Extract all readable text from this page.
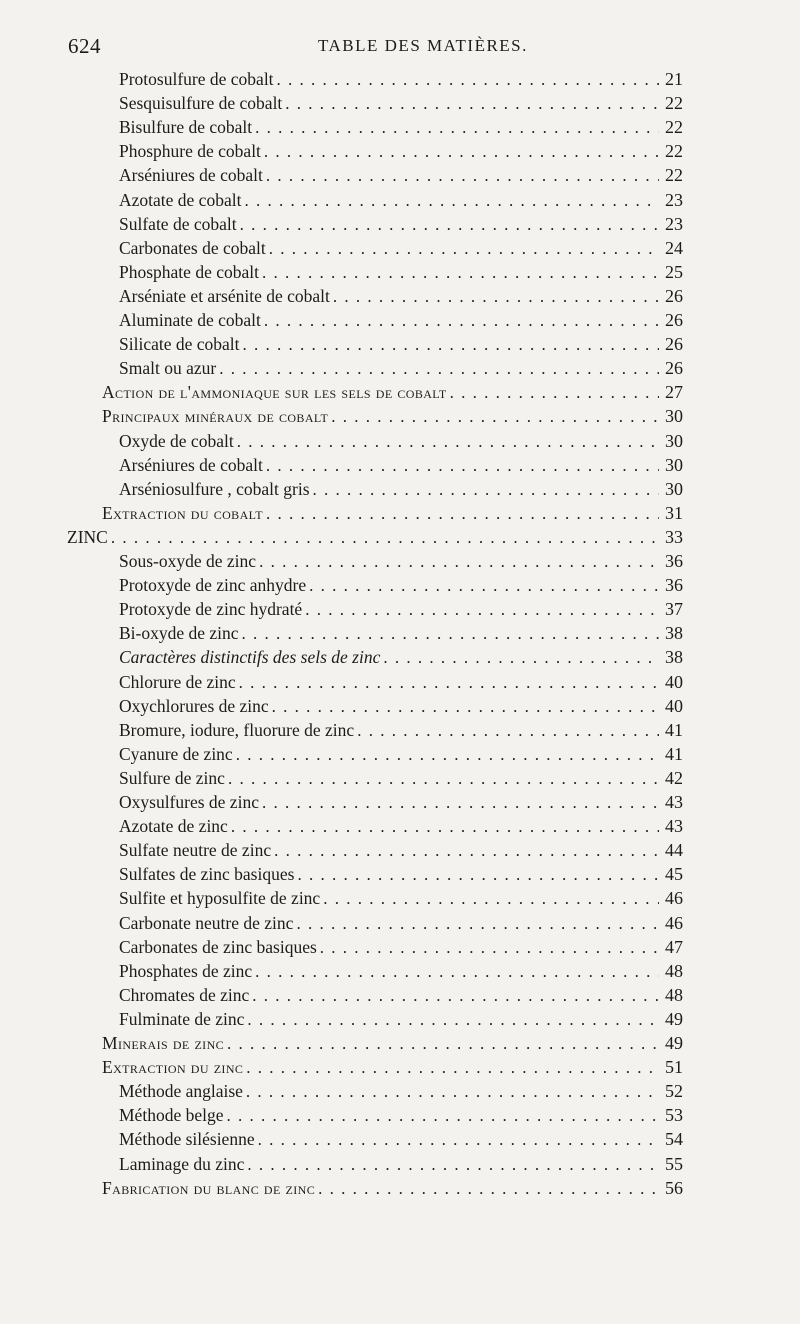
624	TABLE DES MATIÈRES.
Protosulfure de cobalt . . .	21
Sesquisulfure de cobalt . . .	22
Bisulfure de cobalt . . .	22
Phosphure de cobalt . . .	22
Arséniures de cobalt . . .	22
Azotate de cobalt . . .	23
Sulfate de cobalt . . .	23
Carbonates de cobalt . . .	24
Phosphate de cobalt . . .	25
Arséniate et arsénite de cobalt . . .	26
Aluminate de cobalt . . .	26
Silicate de cobalt . . .	26
Smalt ou azur . . .	26
Action de l'ammoniaque sur les sels de cobalt . . .	27
Principaux minéraux de cobalt . . .	30
Oxyde de cobalt . . .	30
Arséniures de cobalt . . .	30
Arséniosulfure , cobalt gris . . .	30
Extraction du cobalt . . .	31
ZINC . . .	33
Sous-oxyde de zinc . . .	36
Protoxyde de zinc anhydre . . .	36
Protoxyde de zinc hydraté . . .	37
Bi-oxyde de zinc . . .	38
Caractères distinctifs des sels de zinc . . .	38
Chlorure de zinc . . .	40
Oxychlorures de zinc . . .	40
Bromure, iodure, fluorure de zinc . . .	41
Cyanure de zinc . . .	41
Sulfure de zinc . . .	42
Oxysulfures de zinc . . .	43
Azotate de zinc . . .	43
Sulfate neutre de zinc . . .	44
Sulfates de zinc basiques . . .	45
Sulfite et hyposulfite de zinc . . .	46
Carbonate neutre de zinc . . .	46
Carbonates de zinc basiques . . .	47
Phosphates de zinc . . .	48
Chromates de zinc . . .	48
Fulminate de zinc . . .	49
Minerais de zinc . . .	49
Extraction du zinc . . .	51
Méthode anglaise . . .	52
Méthode belge . . .	53
Méthode silésienne . . .	54
Laminage du zinc . . .	55
Fabrication du blanc de zinc . . .	56
